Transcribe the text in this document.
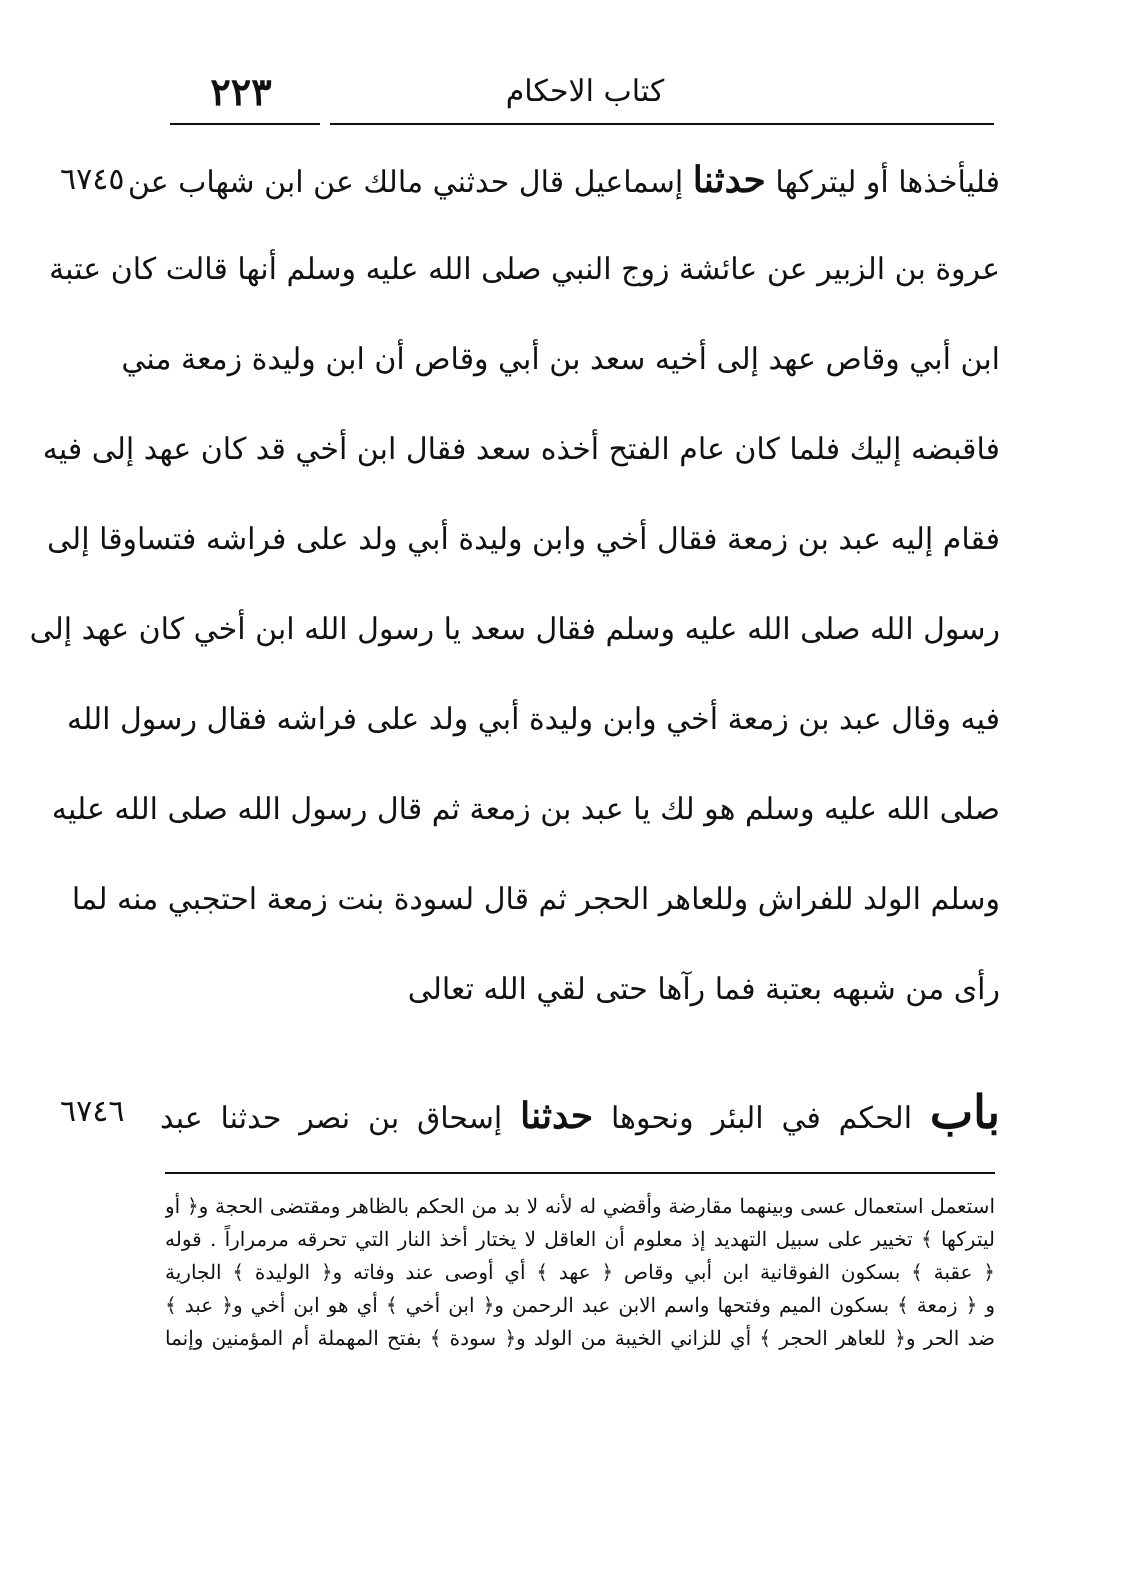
٢٢٣	كتاب الاحكام
٦٧٤٥
٦٧٤٦
فليأخذها أو ليتركها حدثنا إسماعيل قال حدثني مالك عن ابن شهاب عن
عروة بن الزبير عن عائشة زوج النبي صلى الله عليه وسلم أنها قالت كان عتبة
ابن أبي وقاص عهد إلى أخيه سعد بن أبي وقاص أن ابن وليدة زمعة مني
فاقبضه إليك فلما كان عام الفتح أخذه سعد فقال ابن أخي قد كان عهد إلى فيه
فقام إليه عبد بن زمعة فقال أخي وابن وليدة أبي ولد على فراشه فتساوقا إلى
رسول الله صلى الله عليه وسلم فقال سعد يا رسول الله ابن أخي كان عهد إلى
فيه وقال عبد بن زمعة أخي وابن وليدة أبي ولد على فراشه فقال رسول الله
صلى الله عليه وسلم هو لك يا عبد بن زمعة ثم قال رسول الله صلى الله عليه
وسلم الولد للفراش وللعاهر الحجر ثم قال لسودة بنت زمعة احتجبي منه لما
رأى من شبهه بعتبة فما رآها حتى لقي الله تعالى
باب الحكم في البئر ونحوها حدثنا إسحاق بن نصر حدثنا عبد
استعمل استعمال عسى وبينهما مقارضة وأقضي له لأنه لا بد من الحكم بالظاهر ومقتضى الحجة و﴿ أو
ليتركها ﴾ تخيير على سبيل التهديد إذ معلوم أن العاقل لا يختار أخذ النار التي تحرقه مرمراراً . قوله
﴿ عقبة ﴾ بسكون الفوقانية ابن أبي وقاص ﴿ عهد ﴾ أي أوصى عند وفاته و﴿ الوليدة ﴾ الجارية
و ﴿ زمعة ﴾ بسكون الميم وفتحها واسم الابن عبد الرحمن و﴿ ابن أخي ﴾ أي هو ابن أخي و﴿ عبد ﴾
ضد الحر و﴿ للعاهر الحجر ﴾ أي للزاني الخيبة من الولد و﴿ سودة ﴾ بفتح المهملة أم المؤمنين وإنما
